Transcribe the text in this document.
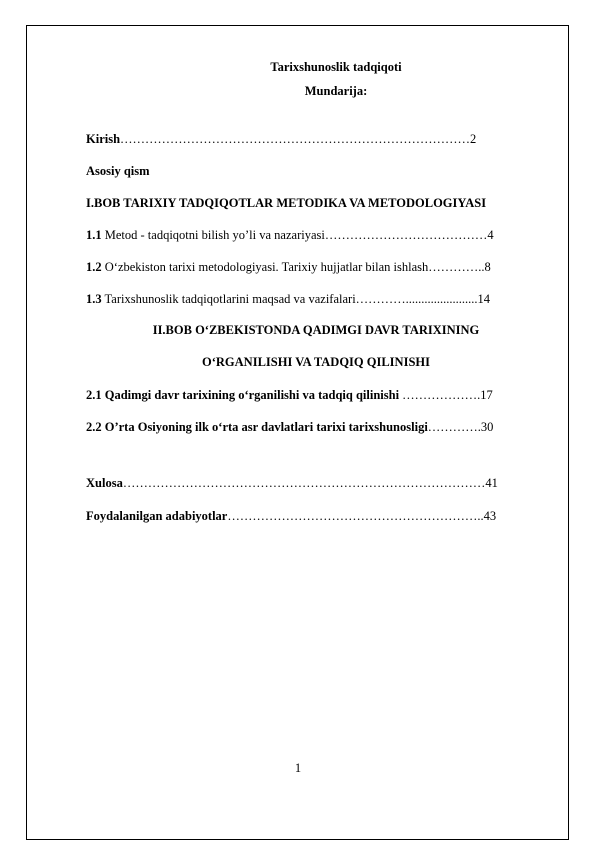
Tarixshunoslik tadqiqoti
Mundarija:
Kirish…………………………………………………………………………2
Asosiy qism
I.BOB TARIXIY TADQIQOTLAR METODIKA VA METODOLOGIYASI
1.1 Metod - tadqiqotni bilish yo’li va nazariyasi…………………………………4
1.2 O‘zbekiston tarixi metodologiyasi. Tarixiy hujjatlar bilan ishlash…………..8
1.3 Tarixshunoslik tadqiqotlarini maqsad va vazifalari………….......................14
II.BOB O‘ZBEKISTONDA QADIMGI DAVR TARIXINING
O‘RGANILISHI VA TADQIQ QILINISHI
2.1 Qadimgi davr tarixining o‘rganilishi va tadqiq qilinishi ……………….17
2.2 O’rta Osiyoning ilk o‘rta asr davlatlari tarixi tarixshunosligi………….30
Xulosa……………………………………………………………………………41
Foydalanilgan adabiyotlar……………………………………………………..43
1
